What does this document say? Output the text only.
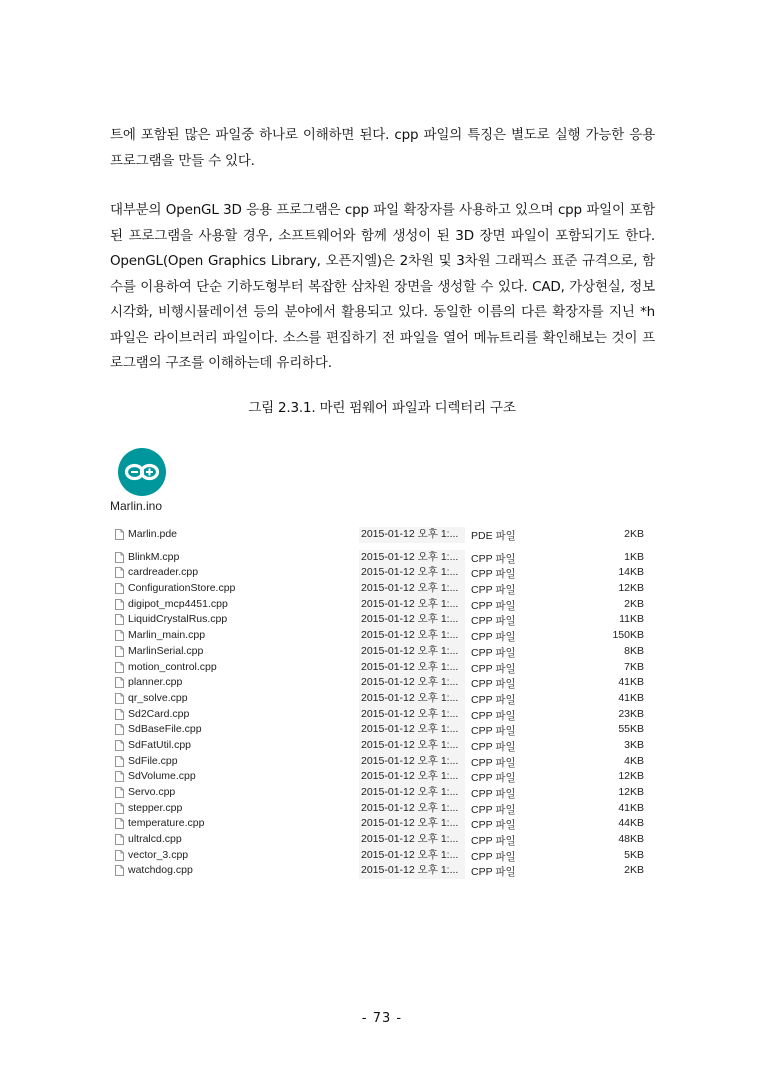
트에 포함된 많은 파일중 하나로 이해하면 된다. cpp 파일의 특징은 별도로 실행 가능한 응용 프로그램을 만들 수 있다.

대부분의 OpenGL 3D 응용 프로그램은 cpp 파일 확장자를 사용하고 있으며 cpp 파일이 포함된 프로그램을 사용할 경우, 소프트웨어와 함께 생성이 된 3D 장면 파일이 포함되기도 한다. OpenGL(Open Graphics Library, 오픈지엘)은 2차원 및 3차원 그래픽스 표준 규격으로, 함수를 이용하여 단순 기하도형부터 복잡한 삼차원 장면을 생성할 수 있다. CAD, 가상현실, 정보시각화, 비행시뮬레이션 등의 분야에서 활용되고 있다. 동일한 이름의 다른 확장자를 지닌 *h 파일은 라이브러리 파일이다. 소스를 편집하기 전 파일을 열어 메뉴트리를 확인해보는 것이 프로그램의 구조를 이해하는데 유리하다.

그림 2.3.1. 마린 펌웨어 파일과 디렉터리 구조
Marlin.ino
Marlin.pde	2015-01-12 오후 1:...	PDE 파일	2KB
BlinkM.cpp	2015-01-12 오후 1:...	CPP 파일	1KB
cardreader.cpp	2015-01-12 오후 1:...	CPP 파일	14KB
ConfigurationStore.cpp	2015-01-12 오후 1:...	CPP 파일	12KB
digipot_mcp4451.cpp	2015-01-12 오후 1:...	CPP 파일	2KB
LiquidCrystalRus.cpp	2015-01-12 오후 1:...	CPP 파일	11KB
Marlin_main.cpp	2015-01-12 오후 1:...	CPP 파일	150KB
MarlinSerial.cpp	2015-01-12 오후 1:...	CPP 파일	8KB
motion_control.cpp	2015-01-12 오후 1:...	CPP 파일	7KB
planner.cpp	2015-01-12 오후 1:...	CPP 파일	41KB
qr_solve.cpp	2015-01-12 오후 1:...	CPP 파일	41KB
Sd2Card.cpp	2015-01-12 오후 1:...	CPP 파일	23KB
SdBaseFile.cpp	2015-01-12 오후 1:...	CPP 파일	55KB
SdFatUtil.cpp	2015-01-12 오후 1:...	CPP 파일	3KB
SdFile.cpp	2015-01-12 오후 1:...	CPP 파일	4KB
SdVolume.cpp	2015-01-12 오후 1:...	CPP 파일	12KB
Servo.cpp	2015-01-12 오후 1:...	CPP 파일	12KB
stepper.cpp	2015-01-12 오후 1:...	CPP 파일	41KB
temperature.cpp	2015-01-12 오후 1:...	CPP 파일	44KB
ultralcd.cpp	2015-01-12 오후 1:...	CPP 파일	48KB
vector_3.cpp	2015-01-12 오후 1:...	CPP 파일	5KB
watchdog.cpp	2015-01-12 오후 1:...	CPP 파일	2KB
- 73 -
